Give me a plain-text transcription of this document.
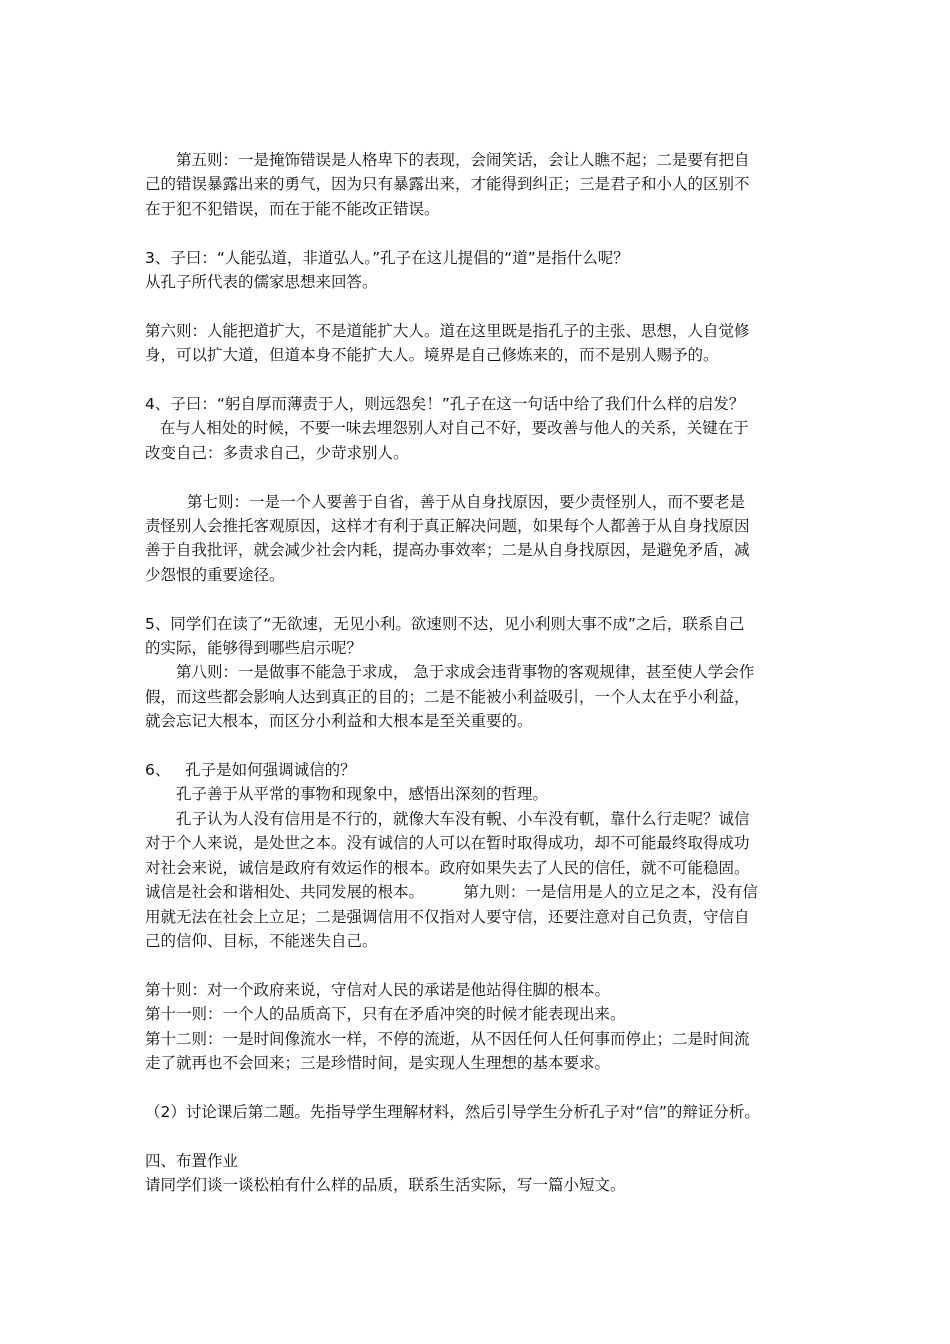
第五则：一是掩饰错误是人格卑下的表现，会闹笑话，会让人瞧不起；二是要有把自

己的错误暴露出来的勇气，因为只有暴露出来，才能得到纠正；三是君子和小人的区别不

在于犯不犯错误，而在于能不能改正错误。

3、子曰：“人能弘道，非道弘人。”孔子在这儿提倡的“道”是指什么呢？

从孔子所代表的儒家思想来回答。

第六则：人能把道扩大，不是道能扩大人。道在这里既是指孔子的主张、思想，人自觉修

身，可以扩大道，但道本身不能扩大人。境界是自己修炼来的，而不是别人赐予的。

4、子曰：“躬自厚而薄责于人，则远怨矣！”孔子在这一句话中给了我们什么样的启发？

在与人相处的时候，不要一味去埋怨别人对自己不好，要改善与他人的关系，关键在于

改变自己：多责求自己，少苛求别人。

第七则：一是一个人要善于自省，善于从自身找原因，要少责怪别人，而不要老是

责怪别人会推托客观原因，这样才有利于真正解决问题，如果每个人都善于从自身找原因

善于自我批评，就会减少社会内耗，提高办事效率；二是从自身找原因，是避免矛盾，减

少怨恨的重要途径。

5、同学们在读了“无欲速，无见小利。欲速则不达，见小利则大事不成”之后，联系自己

的实际，能够得到哪些启示呢？

第八则：一是做事不能急于求成， 急于求成会违背事物的客观规律，甚至使人学会作

假，而这些都会影响人达到真正的目的；二是不能被小利益吸引，一个人太在乎小利益，

就会忘记大根本，而区分小利益和大根本是至关重要的。

6、   孔子是如何强调诚信的？

孔子善于从平常的事物和现象中，感悟出深刻的哲理。

孔子认为人没有信用是不行的，就像大车没有輗、小车没有軏，靠什么行走呢？诚信

对于个人来说，是处世之本。没有诚信的人可以在暂时取得成功，却不可能最终取得成功

对社会来说，诚信是政府有效运作的根本。政府如果失去了人民的信任，就不可能稳固。

诚信是社会和谐相处、共同发展的根本。        第九则：一是信用是人的立足之本，没有信

用就无法在社会上立足；二是强调信用不仅指对人要守信，还要注意对自己负责，守信自

己的信仰、目标，不能迷失自己。

第十则：对一个政府来说，守信对人民的承诺是他站得住脚的根本。

第十一则：一个人的品质高下，只有在矛盾冲突的时候才能表现出来。

第十二则：一是时间像流水一样，不停的流逝，从不因任何人任何事而停止；二是时间流

走了就再也不会回来；三是珍惜时间，是实现人生理想的基本要求。

（2）讨论课后第二题。先指导学生理解材料，然后引导学生分析孔子对“信”的辩证分析。

四、布置作业

请同学们谈一谈松柏有什么样的品质，联系生活实际，写一篇小短文。
